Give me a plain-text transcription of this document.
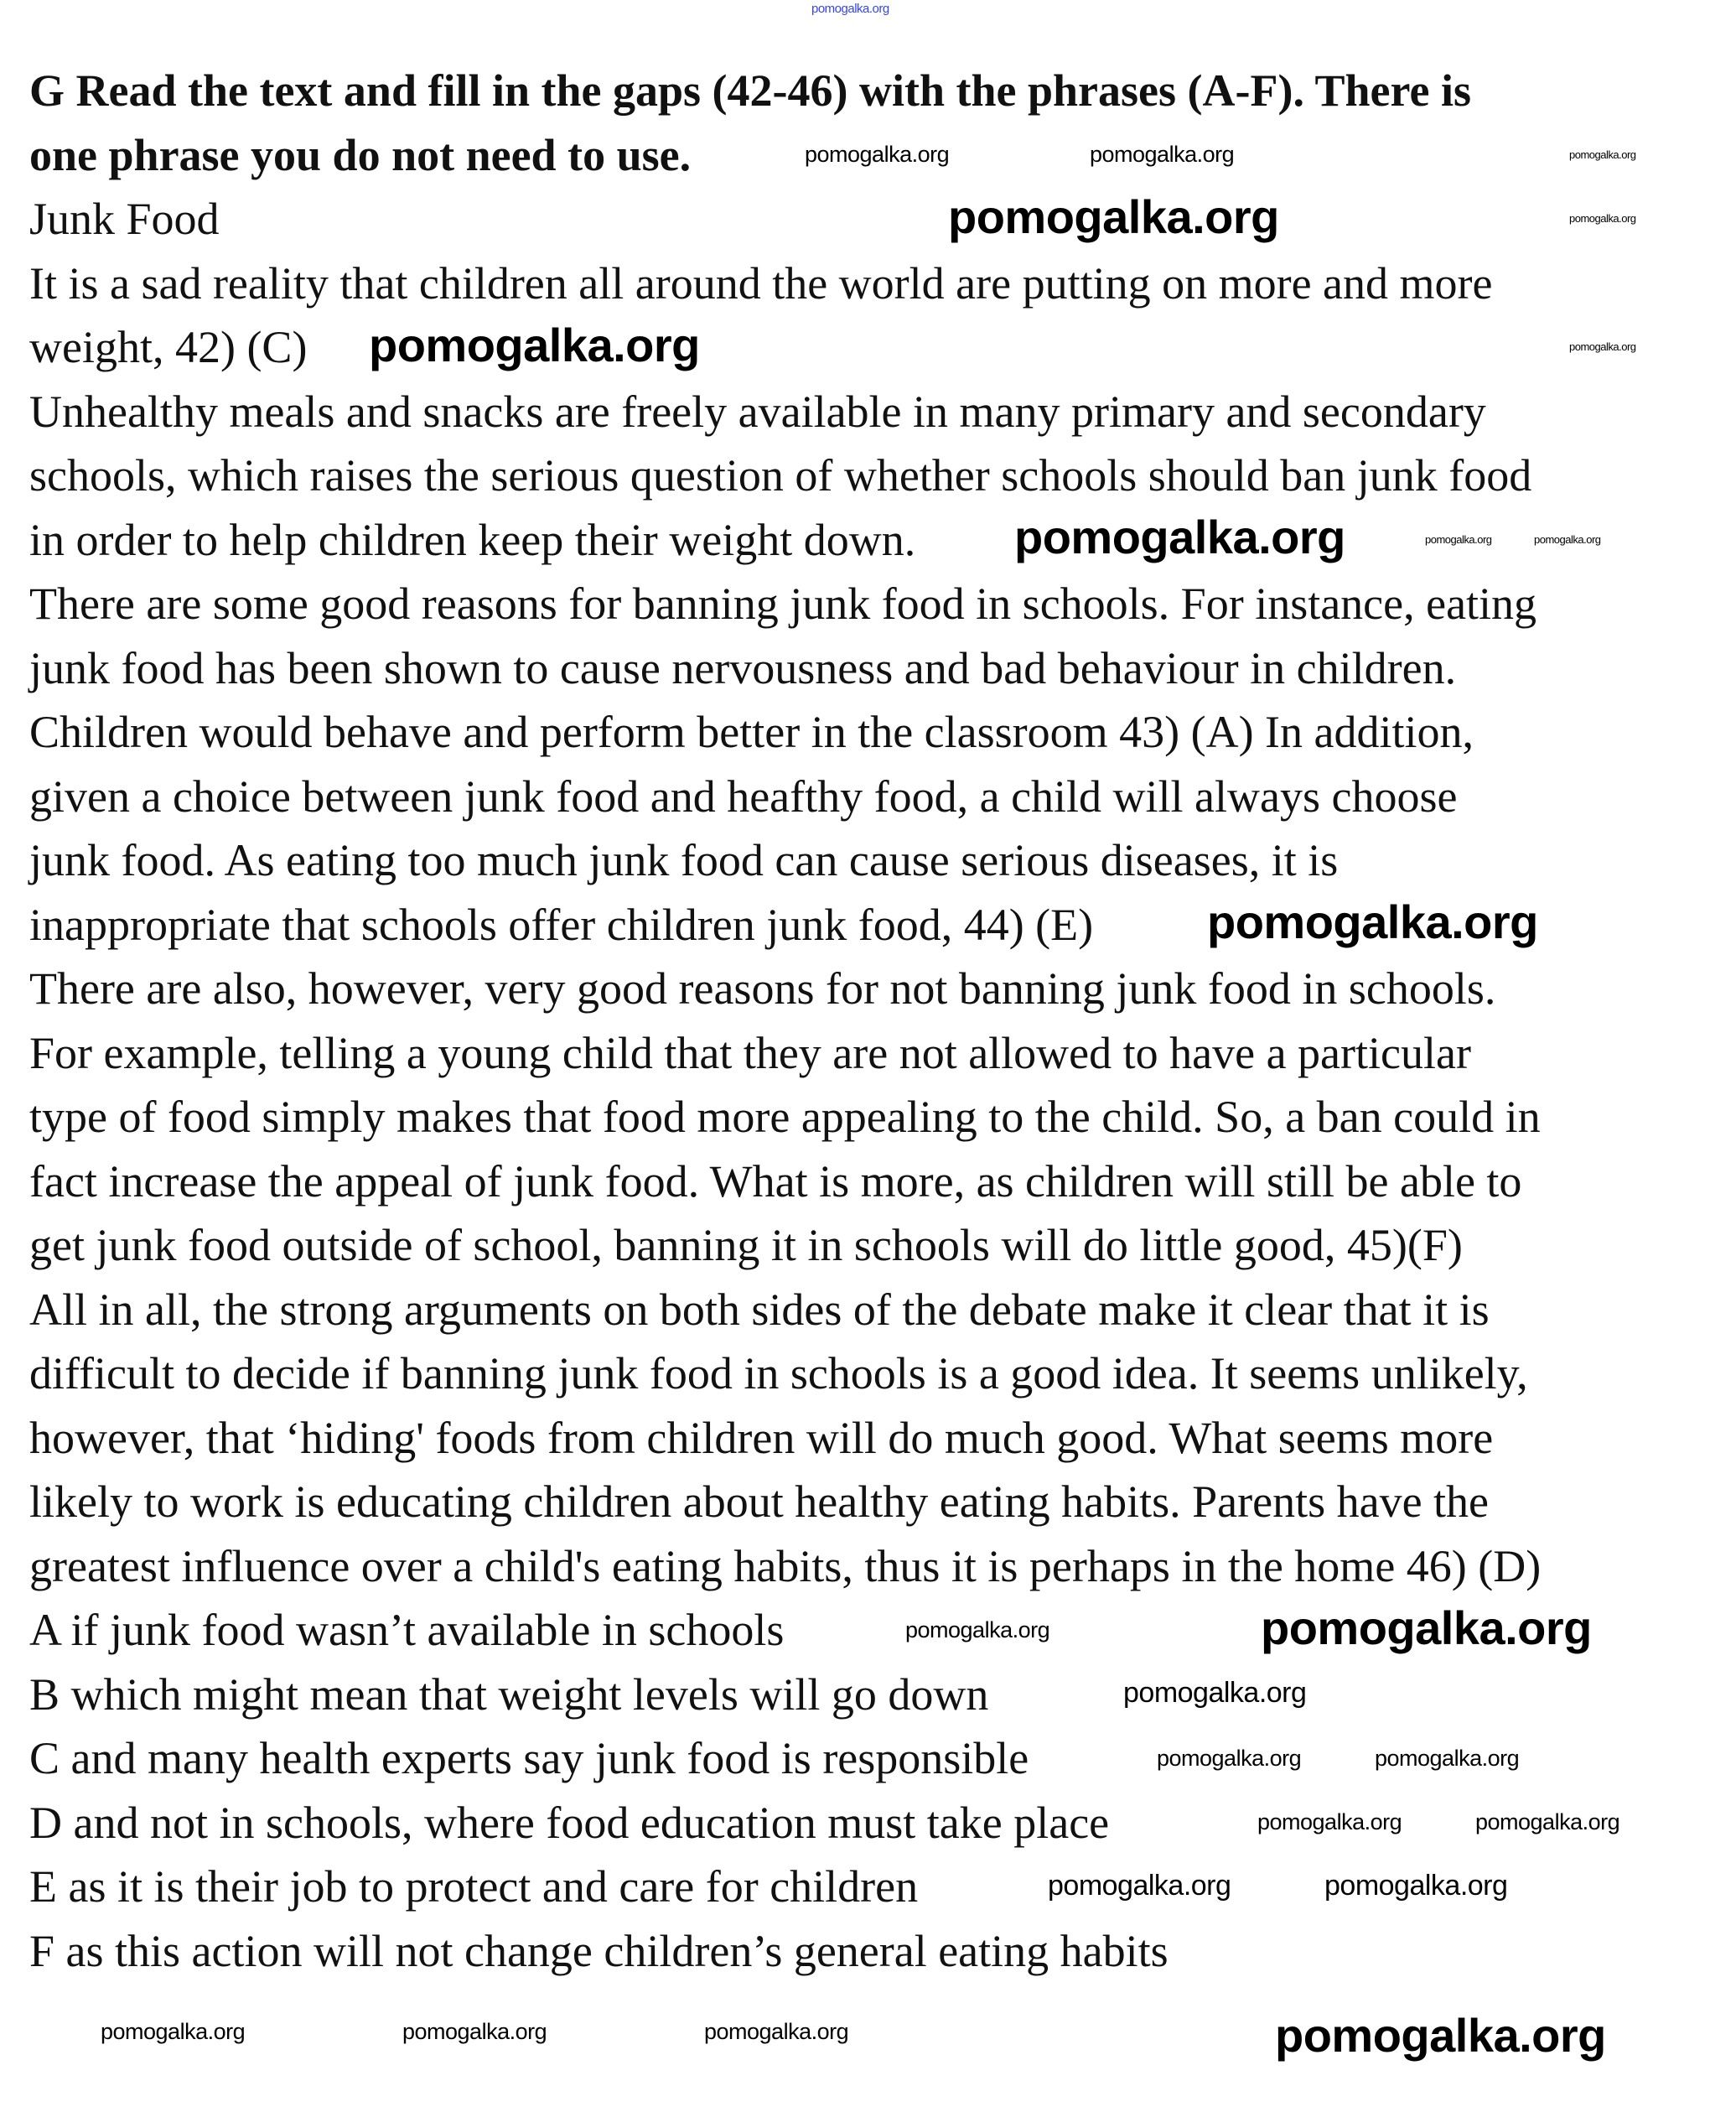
G Read the text and fill in the gaps (42-46) with the phrases (A-F). There is
one phrase you do not need to use.
Junk Food
It is a sad reality that children all around the world are putting on more and more
weight, 42) (C)
Unhealthy meals and snacks are freely available in many primary and secondary
schools, which raises the serious question of whether schools should ban junk food
in order to help children keep their weight down.
There are some good reasons for banning junk food in schools. For instance, eating
junk food has been shown to cause nervousness and bad behaviour in children.
Children would behave and perform better in the classroom 43) (A) In addition,
given a choice between junk food and heafthy food, a child will always choose
junk food. As eating too much junk food can cause serious diseases, it is
inappropriate that schools offer children junk food, 44) (E)
There are also, however, very good reasons for not banning junk food in schools.
For example, telling a young child that they are not allowed to have a particular
type of food simply makes that food more appealing to the child. So, a ban could in
fact increase the appeal of junk food. What is more, as children will still be able to
get junk food outside of school, banning it in schools will do little good, 45)(F)
All in all, the strong arguments on both sides of the debate make it clear that it is
difficult to decide if banning junk food in schools is a good idea. It seems unlikely,
however, that ‘hiding' foods from children will do much good. What seems more
likely to work is educating children about healthy eating habits. Parents have the
greatest influence over a child's eating habits, thus it is perhaps in the home 46) (D)
A if junk food wasn’t available in schools
B which might mean that weight levels will go down
C and many health experts say junk food is responsible
D and not in schools, where food education must take place
E as it is their job to protect and care for children
F as this action will not change children’s general eating habits
pomogalka.org
pomogalka.org	pomogalka.org	pomogalka.org
pomogalka.org	pomogalka.org
pomogalka.org	pomogalka.org
pomogalka.org	pomogalka.org	pomogalka.org
pomogalka.org
pomogalka.org	pomogalka.org
pomogalka.org
pomogalka.org	pomogalka.org
pomogalka.org	pomogalka.org
pomogalka.org	pomogalka.org
pomogalka.org	pomogalka.org	pomogalka.org	pomogalka.org
